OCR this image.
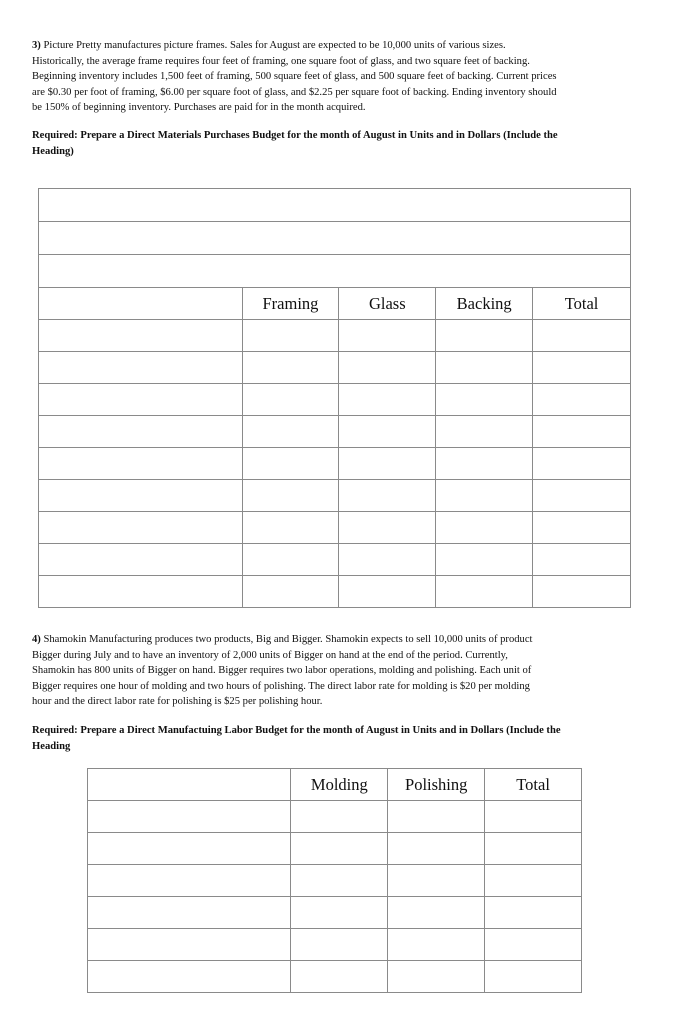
3) Picture Pretty manufactures picture frames. Sales for August are expected to be 10,000 units of various sizes.
Historically, the average frame requires four feet of framing, one square foot of glass, and two square feet of backing.
Beginning inventory includes 1,500 feet of framing, 500 square feet of glass, and 500 square feet of backing. Current prices
are $0.30 per foot of framing, $6.00 per square foot of glass, and $2.25 per square foot of backing. Ending inventory should
be 150% of beginning inventory. Purchases are paid for in the month acquired.
Required: Prepare a Direct Materials Purchases Budget for the month of August in Units and in Dollars (Include the
Heading)

	Framing	Glass	Backing	Total

4) Shamokin Manufacturing produces two products, Big and Bigger. Shamokin expects to sell 10,000 units of product
Bigger during July and to have an inventory of 2,000 units of Bigger on hand at the end of the period. Currently,
Shamokin has 800 units of Bigger on hand. Bigger requires two labor operations, molding and polishing. Each unit of
Bigger requires one hour of molding and two hours of polishing. The direct labor rate for molding is $20 per molding
hour and the direct labor rate for polishing is $25 per polishing hour.
Required: Prepare a Direct Manufactuing Labor Budget for the month of August in Units and in Dollars (Include the
Heading
	Molding	Polishing	Total
